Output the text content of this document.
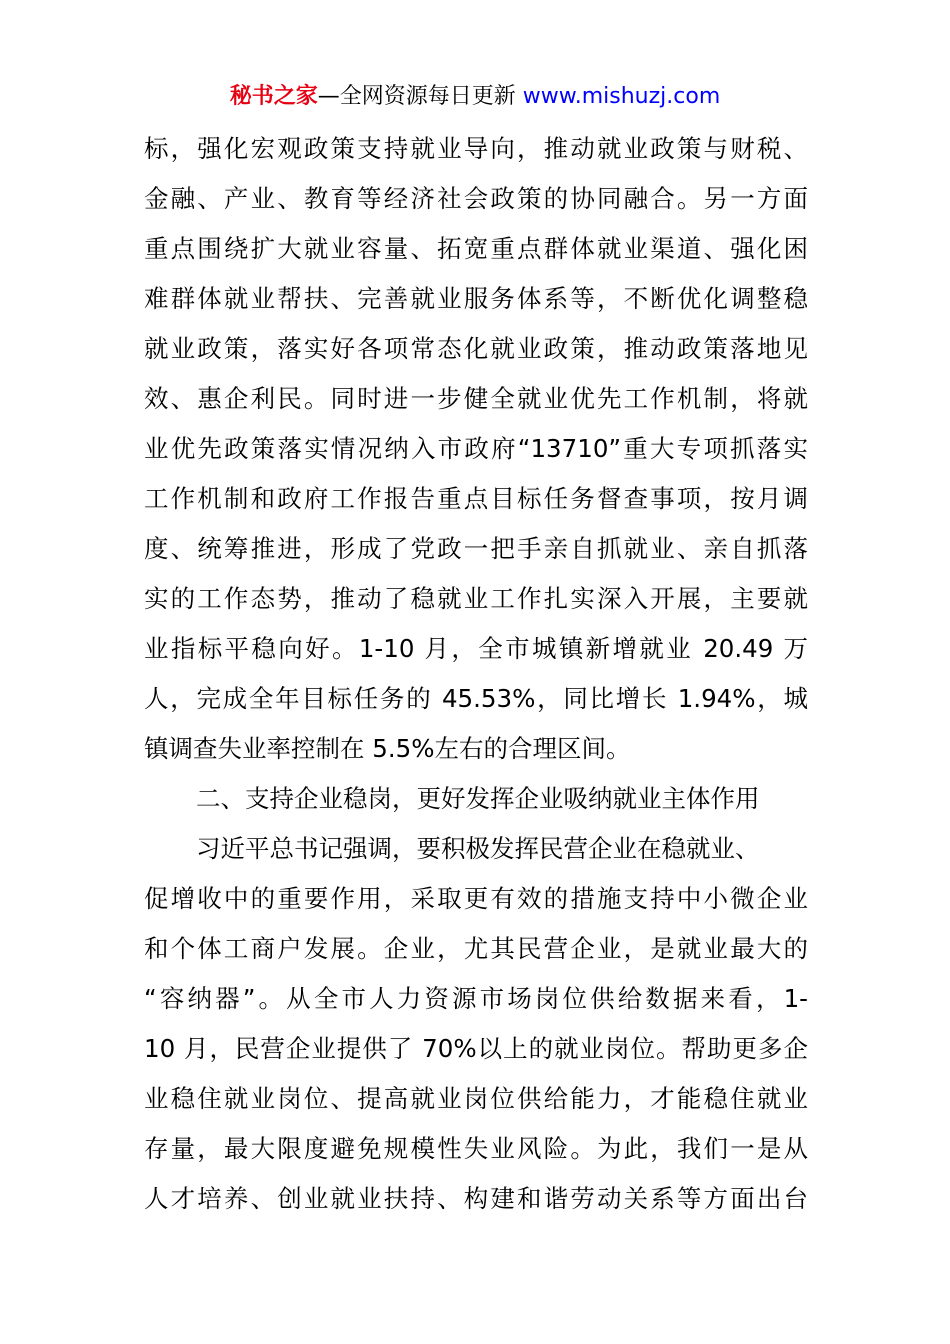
秘书之家—全网资源每日更新 www.mishuzj.com
标，强化宏观政策支持就业导向，推动就业政策与财税、
金融、产业、教育等经济社会政策的协同融合。另一方面
重点围绕扩大就业容量、拓宽重点群体就业渠道、强化困
难群体就业帮扶、完善就业服务体系等，不断优化调整稳
就业政策，落实好各项常态化就业政策，推动政策落地见
效、惠企利民。同时进一步健全就业优先工作机制，将就
业优先政策落实情况纳入市政府“13710”重大专项抓落实
工作机制和政府工作报告重点目标任务督查事项，按月调
度、统筹推进，形成了党政一把手亲自抓就业、亲自抓落
实的工作态势，推动了稳就业工作扎实深入开展，主要就
业指标平稳向好。1-10 月，全市城镇新增就业 20.49 万
人，完成全年目标任务的 45.53%，同比增长 1.94%，城
镇调查失业率控制在 5.5%左右的合理区间。
二、支持企业稳岗，更好发挥企业吸纳就业主体作用
习近平总书记强调，要积极发挥民营企业在稳就业、
促增收中的重要作用，采取更有效的措施支持中小微企业
和个体工商户发展。企业，尤其民营企业，是就业最大的
“容纳器”。从全市人力资源市场岗位供给数据来看，1-
10 月，民营企业提供了 70%以上的就业岗位。帮助更多企
业稳住就业岗位、提高就业岗位供给能力，才能稳住就业
存量，最大限度避免规模性失业风险。为此，我们一是从
人才培养、创业就业扶持、构建和谐劳动关系等方面出台
